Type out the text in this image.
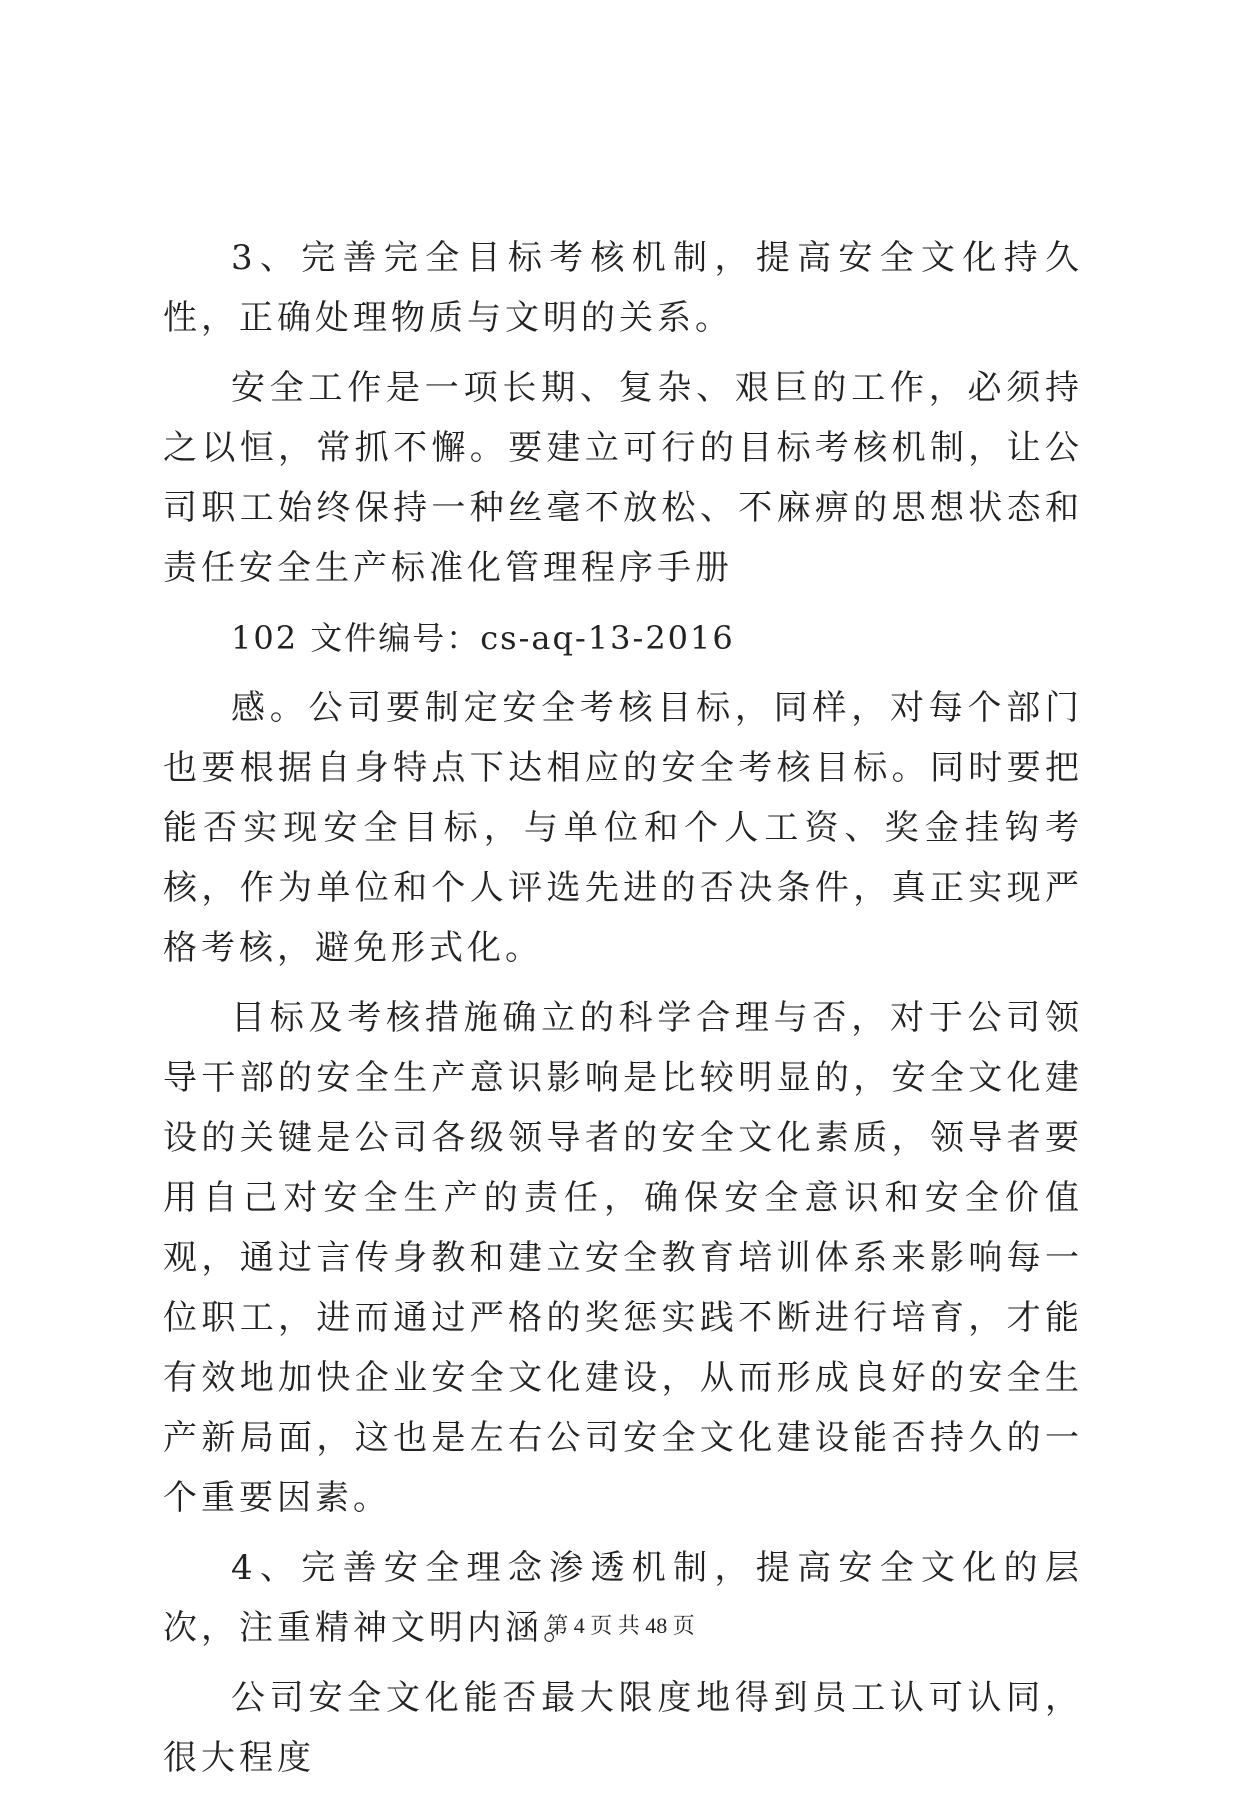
3、完善完全目标考核机制，提高安全文化持久性，正确处理物质与文明的关系。

安全工作是一项长期、复杂、艰巨的工作，必须持之以恒，常抓不懈。要建立可行的目标考核机制，让公司职工始终保持一种丝毫不放松、不麻痹的思想状态和责任安全生产标准化管理程序手册

102 文件编号：cs-aq-13-2016

感。公司要制定安全考核目标，同样，对每个部门也要根据自身特点下达相应的安全考核目标。同时要把能否实现安全目标，与单位和个人工资、奖金挂钩考核，作为单位和个人评选先进的否决条件，真正实现严格考核，避免形式化。

目标及考核措施确立的科学合理与否，对于公司领导干部的安全生产意识影响是比较明显的，安全文化建设的关键是公司各级领导者的安全文化素质，领导者要用自己对安全生产的责任，确保安全意识和安全价值观，通过言传身教和建立安全教育培训体系来影响每一位职工，进而通过严格的奖惩实践不断进行培育，才能有效地加快企业安全文化建设，从而形成良好的安全生产新局面，这也是左右公司安全文化建设能否持久的一个重要因素。

4、完善安全理念渗透机制，提高安全文化的层次，注重精神文明内涵。

公司安全文化能否最大限度地得到员工认可认同，很大程度

第 4 页 共 48 页
